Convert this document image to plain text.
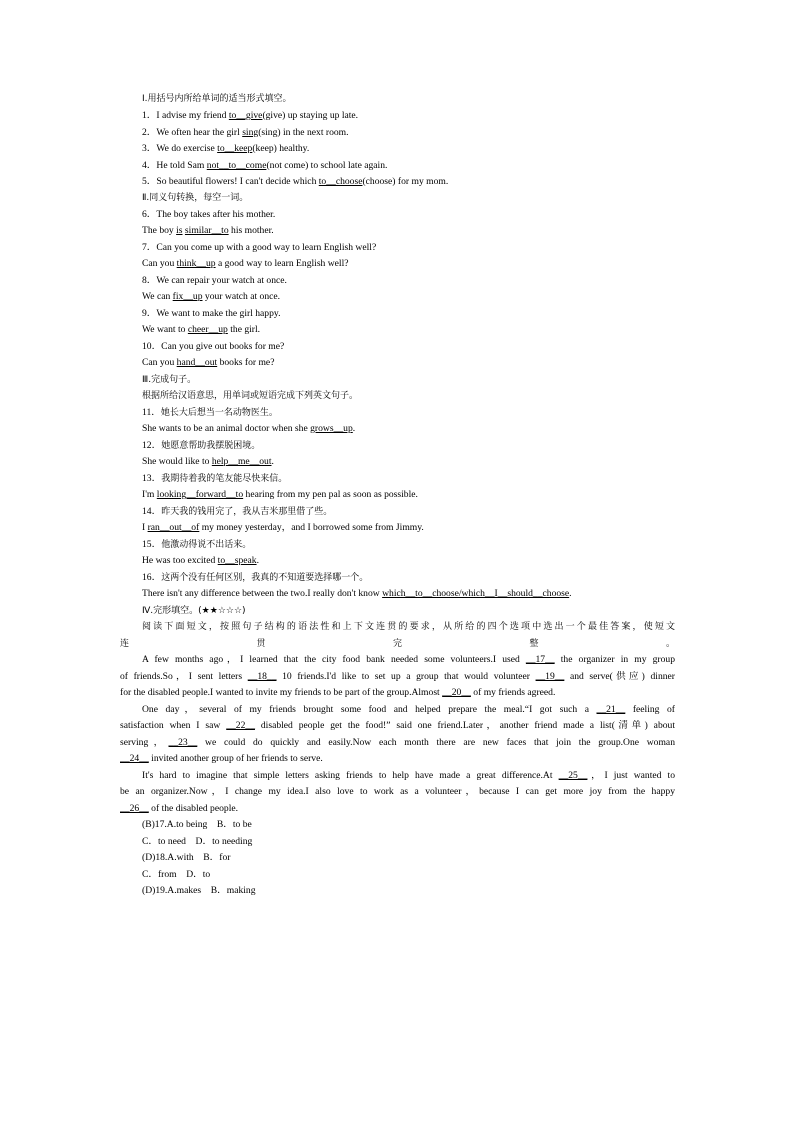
Ⅰ.用括号内所给单词的适当形式填空。
1．I advise my friend to__give(give) up staying up late.
2．We often hear the girl sing(sing) in the next room.
3．We do exercise to__keep(keep) healthy.
4．He told Sam not__to__come(not come) to school late again.
5．So beautiful flowers! I can't decide which to__choose(choose) for my mom.
Ⅱ.同义句转换，每空一词。
6．The boy takes after his mother.
The boy is similar__to his mother.
7．Can you come up with a good way to learn English well?
Can you think__up a good way to learn English well?
8．We can repair your watch at once.
We can fix__up your watch at once.
9．We want to make the girl happy.
We want to cheer__up the girl.
10．Can you give out books for me?
Can you hand__out books for me?
Ⅲ.完成句子。
根据所给汉语意思，用单词或短语完成下列英文句子。
11．她长大后想当一名动物医生。
She wants to be an animal doctor when she grows__up.
12．她愿意帮助我摆脱困境。
She would like to help__me__out.
13．我期待着我的笔友能尽快来信。
I'm looking__forward__to hearing from my pen pal as soon as possible.
14．昨天我的钱用完了，我从吉米那里借了些。
I ran__out__of my money yesterday，and I borrowed some from Jimmy.
15．他激动得说不出话来。
He was too excited to__speak.
16．这两个没有任何区别，我真的不知道要选择哪一个。
There isn't any difference between the two.I really don't know which__to__choose/which__I__should__choose.
Ⅳ.完形填空。(★★☆☆☆)
阅读下面短文，按照句子结构的语法性和上下文连贯的要求，从所给的四个选项中选出一个最佳答案，使短文
连贯完整。
A few months ago，I learned that the city food bank needed some volunteers.I used __17__ the organizer in my group
of friends.So，I sent letters __18__ 10 friends.I'd like to set up a group that would volunteer __19__ and serve(供应) dinner
for the disabled people.I wanted to invite my friends to be part of the group.Almost __20__ of my friends agreed.
One day，several of my friends brought some food and helped prepare the meal.“I got such a __21__ feeling of
satisfaction when I saw __22__ disabled people get the food!” said one friend.Later，another friend made a list(清单) about
serving，__23__ we could do quickly and easily.Now each month there are new faces that join the group.One woman
__24__ invited another group of her friends to serve.
It's hard to imagine that simple letters asking friends to help have made a great difference.At __25__，I just wanted to
be an organizer.Now，I change my idea.I also love to work as a volunteer，because I can get more joy from the happy
__26__ of the disabled people.
(B)17.A.to being　B．to be
C．to need　D．to needing
(D)18.A.with　B．for
C．from　D．to
(D)19.A.makes　B．making
